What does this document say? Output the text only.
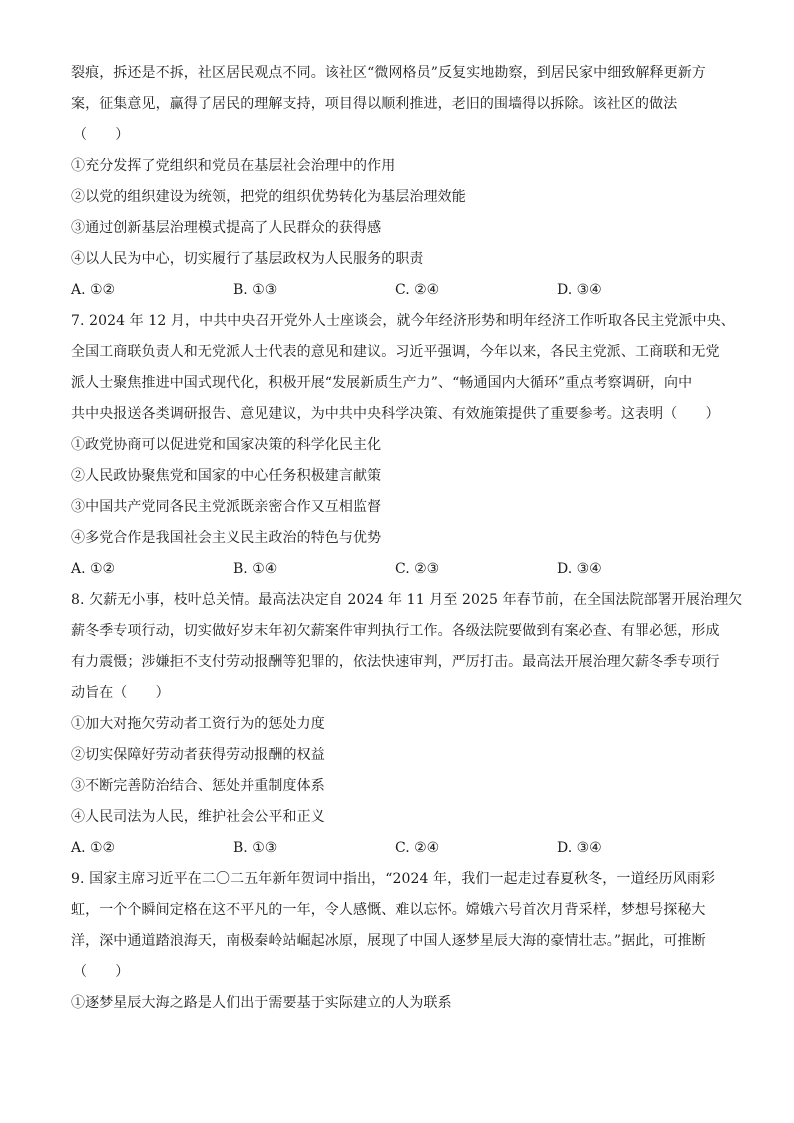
裂痕，拆还是不拆，社区居民观点不同。该社区“微网格员”反复实地勘察，到居民家中细致解释更新方
案，征集意见，赢得了居民的理解支持，项目得以顺利推进，老旧的围墙得以拆除。该社区的做法
（　　）
①充分发挥了党组织和党员在基层社会治理中的作用
②以党的组织建设为统领，把党的组织优势转化为基层治理效能
③通过创新基层治理模式提高了人民群众的获得感
④以人民为中心，切实履行了基层政权为人民服务的职责
A. ①②	B. ①③	C. ②④	D. ③④
7. 2024 年 12 月，中共中央召开党外人士座谈会，就今年经济形势和明年经济工作听取各民主党派中央、
全国工商联负责人和无党派人士代表的意见和建议。习近平强调，今年以来，各民主党派、工商联和无党
派人士聚焦推进中国式现代化，积极开展“发展新质生产力”、“畅通国内大循环”重点考察调研，向中
共中央报送各类调研报告、意见建议，为中共中央科学决策、有效施策提供了重要参考。这表明（　　）
①政党协商可以促进党和国家决策的科学化民主化
②人民政协聚焦党和国家的中心任务积极建言献策
③中国共产党同各民主党派既亲密合作又互相监督
④多党合作是我国社会主义民主政治的特色与优势
A. ①②	B. ①④	C. ②③	D. ③④
8. 欠薪无小事，枝叶总关情。最高法决定自 2024 年 11 月至 2025 年春节前，在全国法院部署开展治理欠
薪冬季专项行动，切实做好岁末年初欠薪案件审判执行工作。各级法院要做到有案必查、有罪必惩，形成
有力震慑；涉嫌拒不支付劳动报酬等犯罪的，依法快速审判，严厉打击。最高法开展治理欠薪冬季专项行
动旨在（　　）
①加大对拖欠劳动者工资行为的惩处力度
②切实保障好劳动者获得劳动报酬的权益
③不断完善防治结合、惩处并重制度体系
④人民司法为人民，维护社会公平和正义
A. ①②	B. ①③	C. ②④	D. ③④
9. 国家主席习近平在二〇二五年新年贺词中指出，“2024 年，我们一起走过春夏秋冬，一道经历风雨彩
虹，一个个瞬间定格在这不平凡的一年，令人感慨、难以忘怀。嫦娥六号首次月背采样，梦想号探秘大
洋，深中通道踏浪海天，南极秦岭站崛起冰原，展现了中国人逐梦星辰大海的豪情壮志。”据此，可推断
（　　）
①逐梦星辰大海之路是人们出于需要基于实际建立的人为联系
